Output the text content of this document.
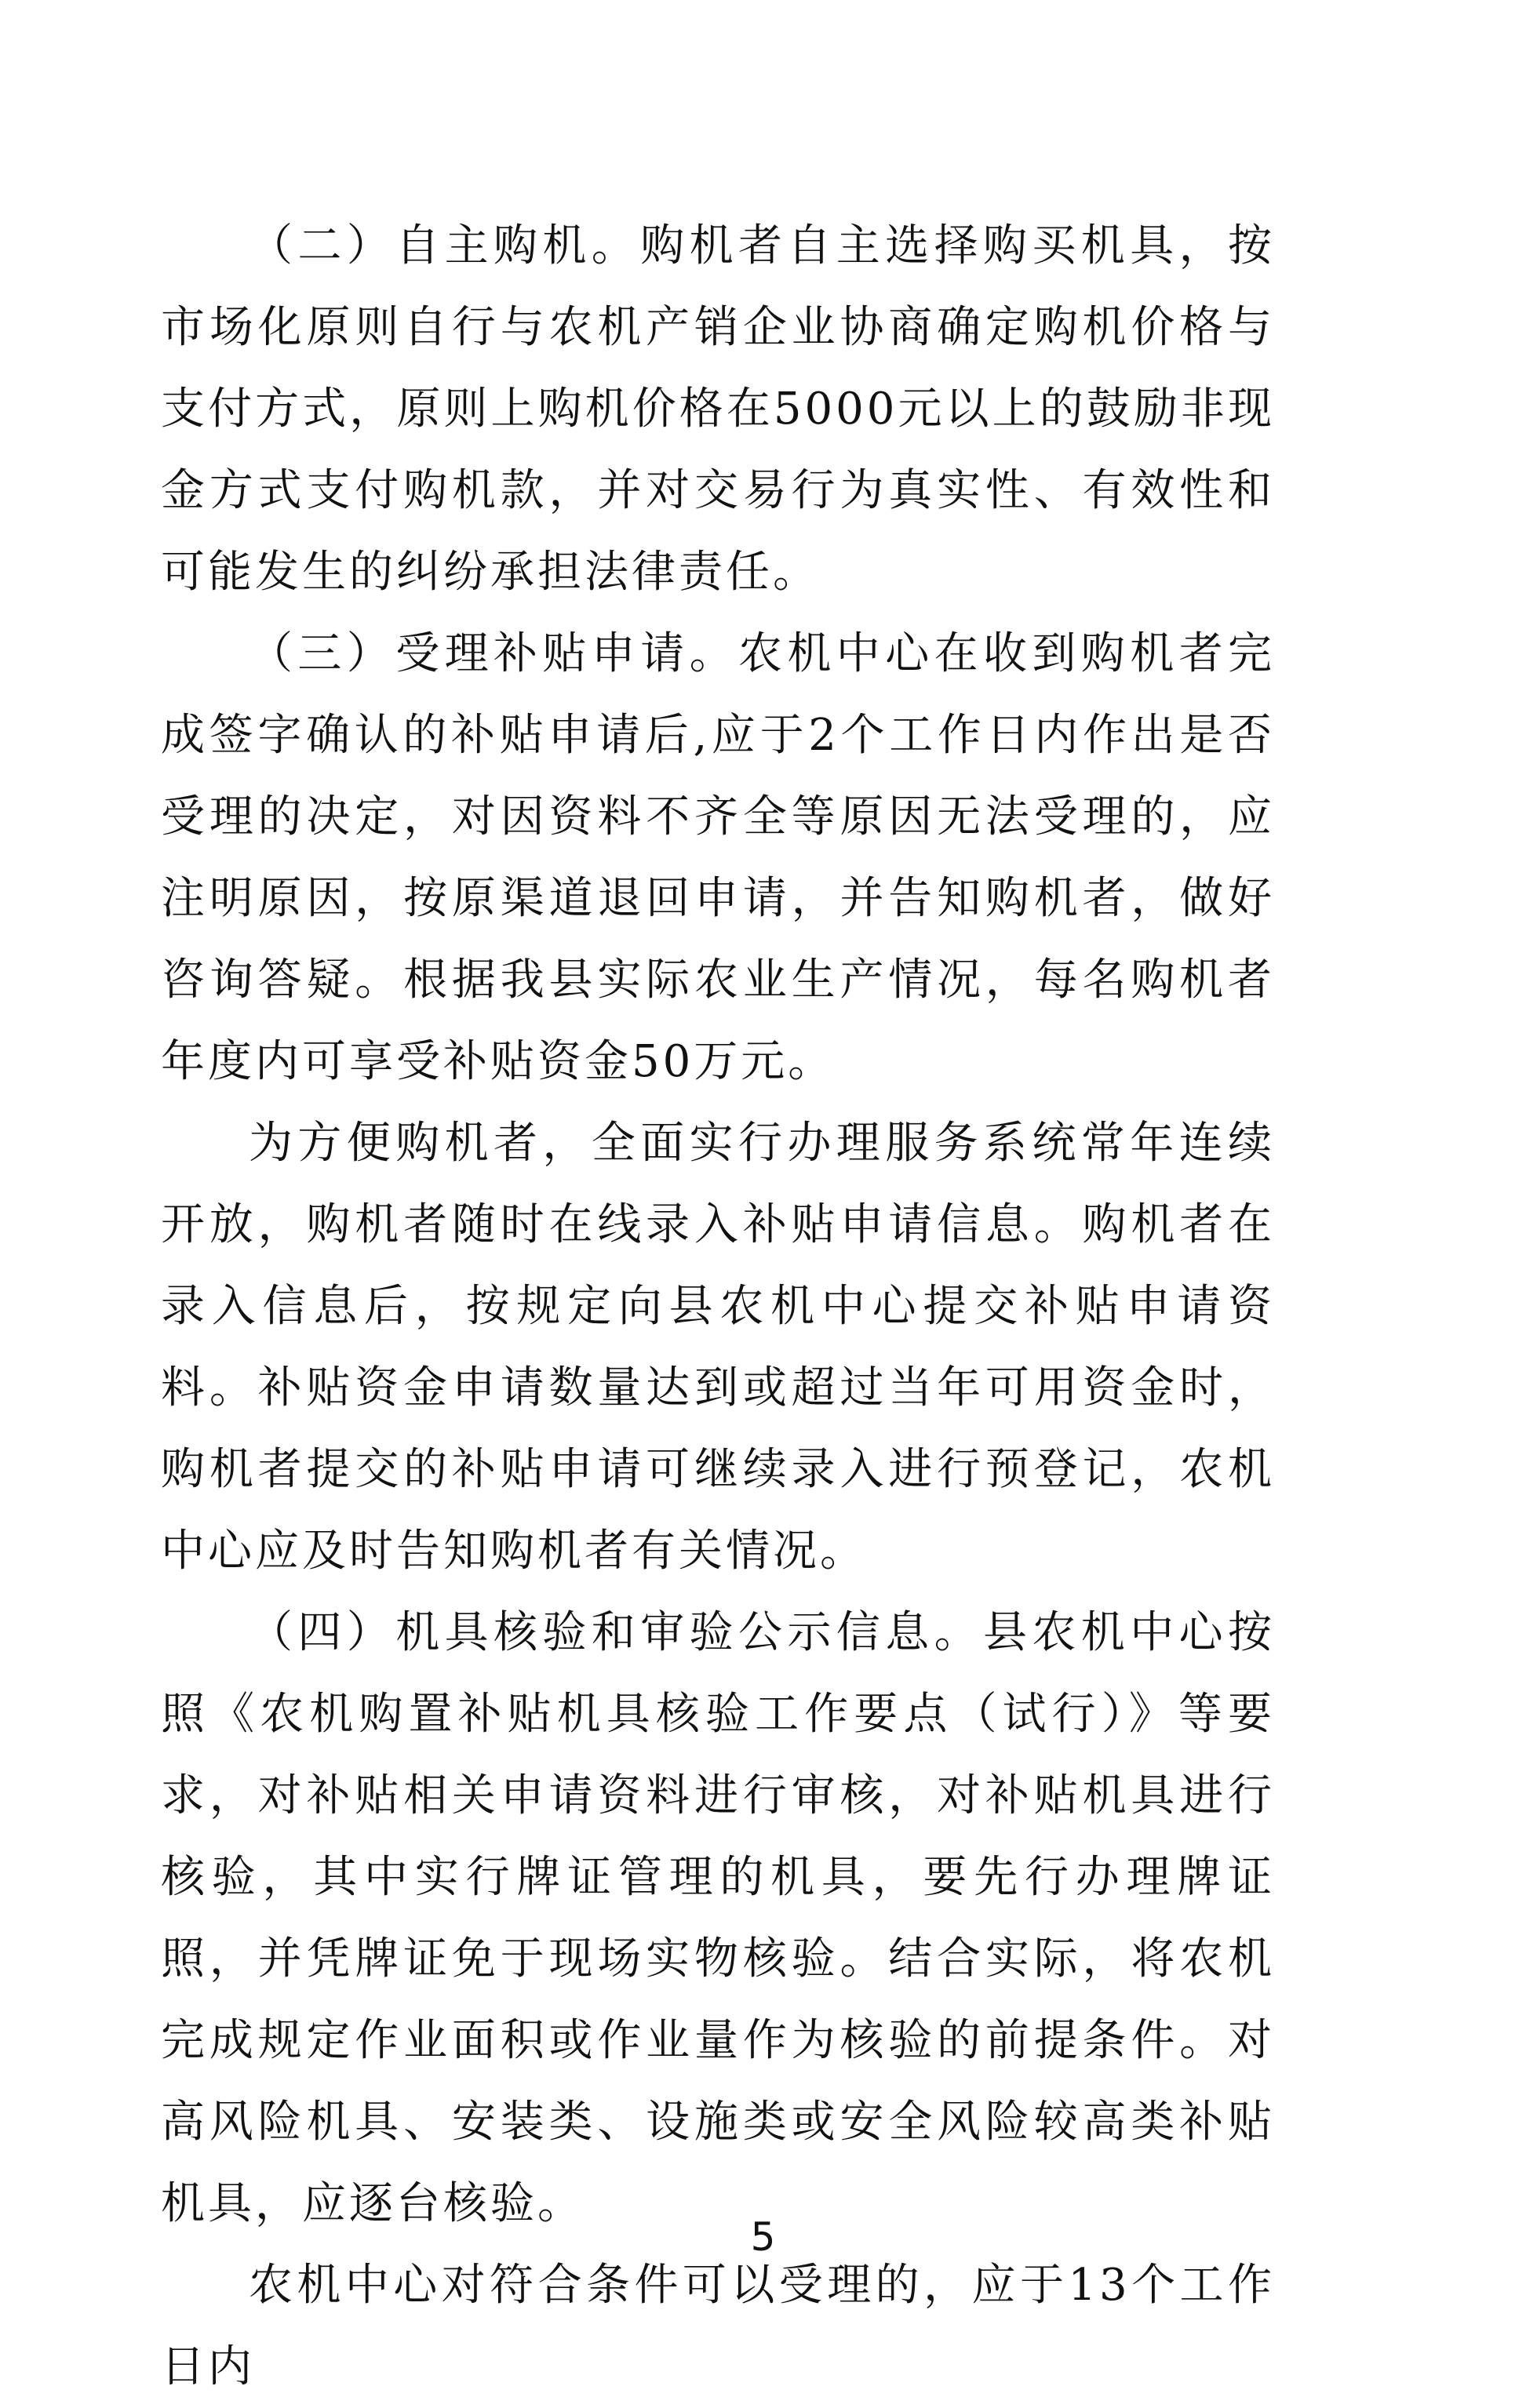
（二）自主购机。购机者自主选择购买机具，按市场化原则自行与农机产销企业协商确定购机价格与支付方式，原则上购机价格在5000元以上的鼓励非现金方式支付购机款，并对交易行为真实性、有效性和可能发生的纠纷承担法律责任。

（三）受理补贴申请。农机中心在收到购机者完成签字确认的补贴申请后,应于2个工作日内作出是否受理的决定，对因资料不齐全等原因无法受理的，应注明原因，按原渠道退回申请，并告知购机者，做好咨询答疑。根据我县实际农业生产情况，每名购机者年度内可享受补贴资金50万元。

为方便购机者，全面实行办理服务系统常年连续开放，购机者随时在线录入补贴申请信息。购机者在录入信息后，按规定向县农机中心提交补贴申请资料。补贴资金申请数量达到或超过当年可用资金时，购机者提交的补贴申请可继续录入进行预登记，农机中心应及时告知购机者有关情况。

（四）机具核验和审验公示信息。县农机中心按照《农机购置补贴机具核验工作要点（试行）》等要求，对补贴相关申请资料进行审核，对补贴机具进行核验，其中实行牌证管理的机具，要先行办理牌证照，并凭牌证免于现场实物核验。结合实际，将农机完成规定作业面积或作业量作为核验的前提条件。对高风险机具、安装类、设施类或安全风险较高类补贴机具，应逐台核验。

农机中心对符合条件可以受理的，应于13个工作日内

5
